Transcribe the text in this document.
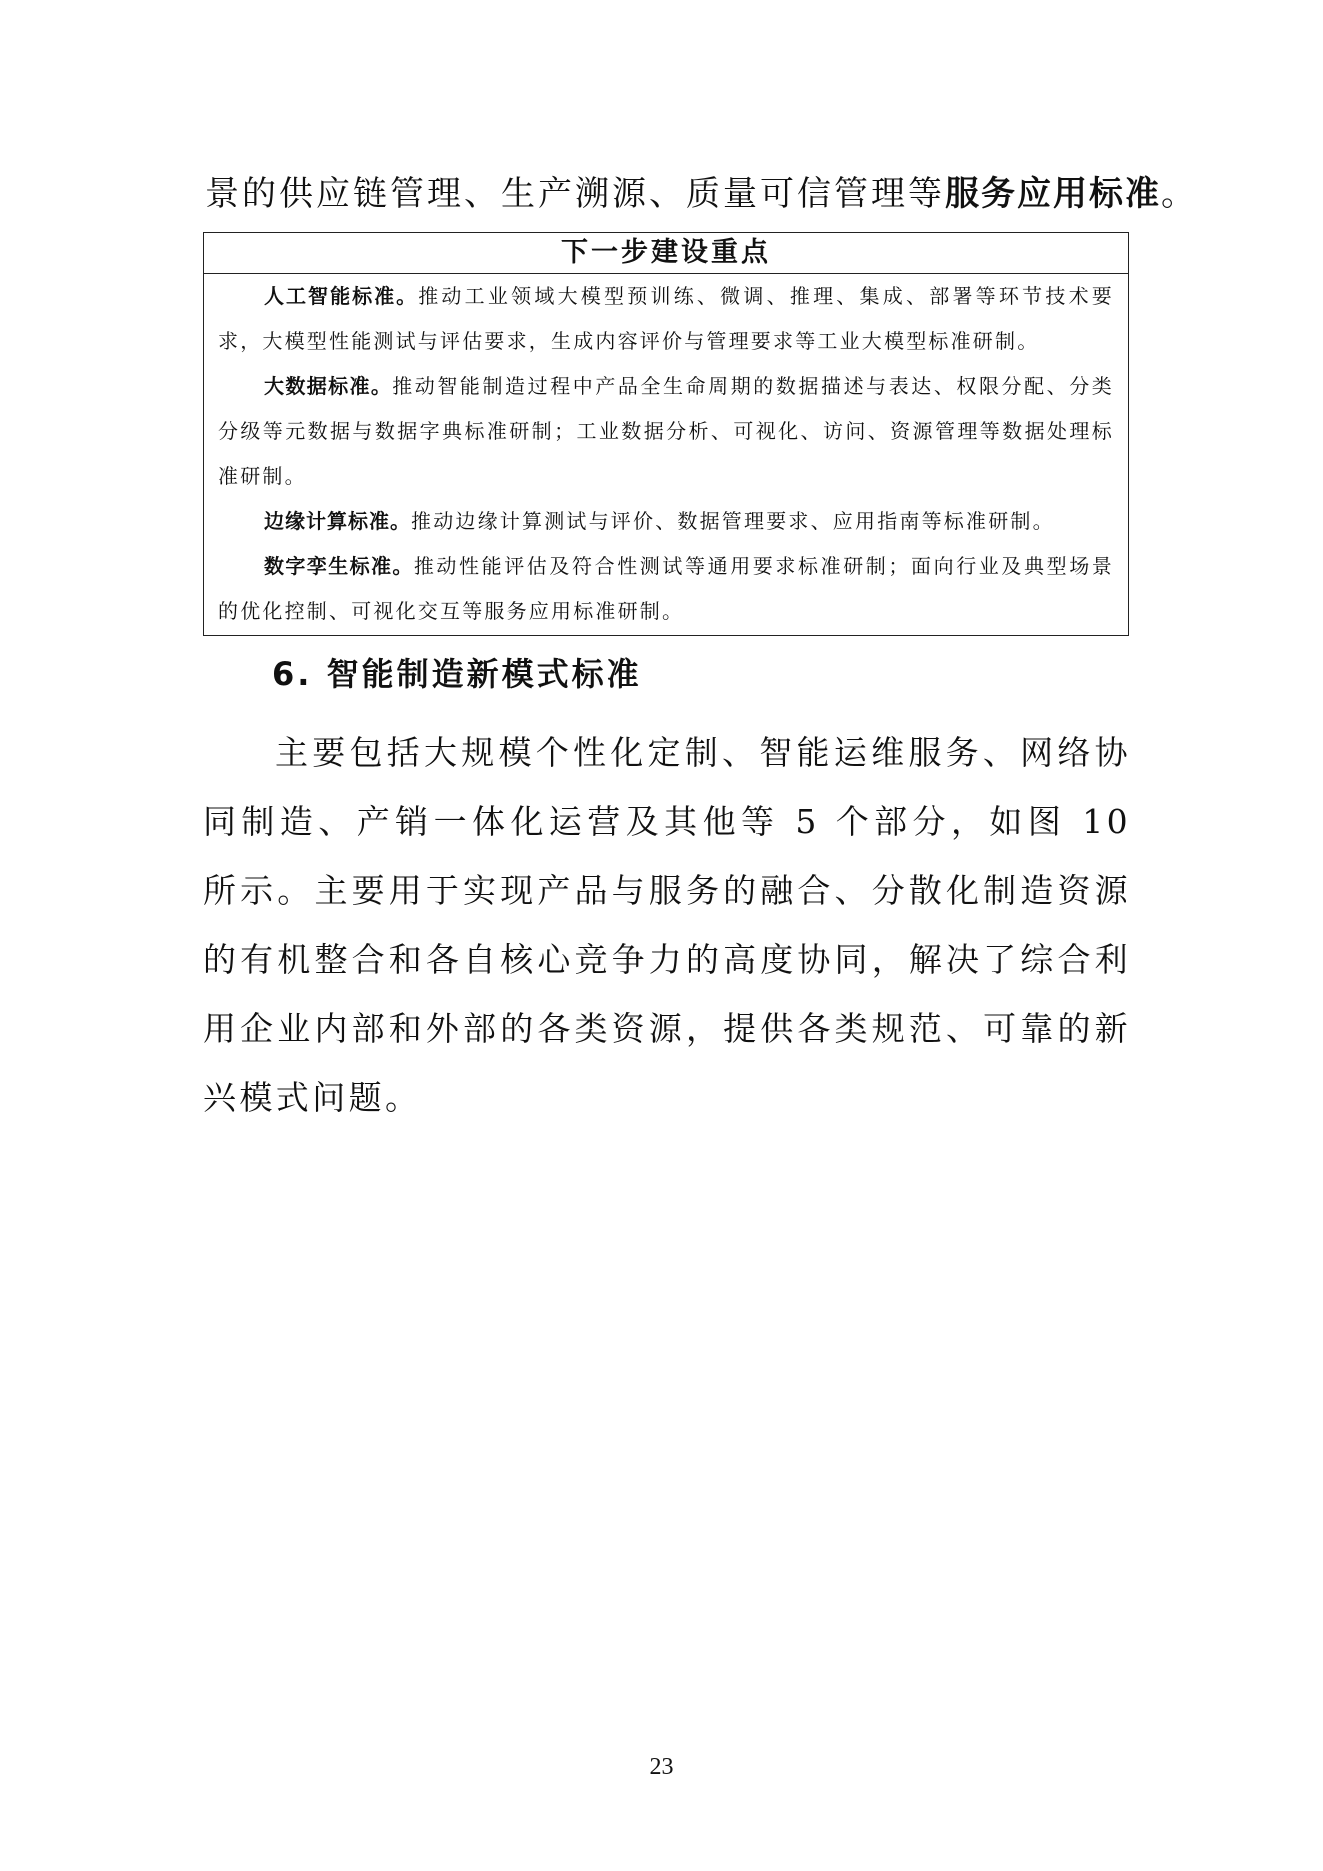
景的供应链管理、生产溯源、质量可信管理等服务应用标准。
下一步建设重点

人工智能标准。推动工业领域大模型预训练、微调、推理、集成、部署等环节技术要求，大模型性能测试与评估要求，生成内容评价与管理要求等工业大模型标准研制。

大数据标准。推动智能制造过程中产品全生命周期的数据描述与表达、权限分配、分类分级等元数据与数据字典标准研制；工业数据分析、可视化、访问、资源管理等数据处理标准研制。

边缘计算标准。推动边缘计算测试与评价、数据管理要求、应用指南等标准研制。

数字孪生标准。推动性能评估及符合性测试等通用要求标准研制；面向行业及典型场景的优化控制、可视化交互等服务应用标准研制。

6. 智能制造新模式标准

主要包括大规模个性化定制、智能运维服务、网络协同制造、产销一体化运营及其他等 5 个部分，如图 10 所示。主要用于实现产品与服务的融合、分散化制造资源的有机整合和各自核心竞争力的高度协同，解决了综合利用企业内部和外部的各类资源，提供各类规范、可靠的新兴模式问题。

23
